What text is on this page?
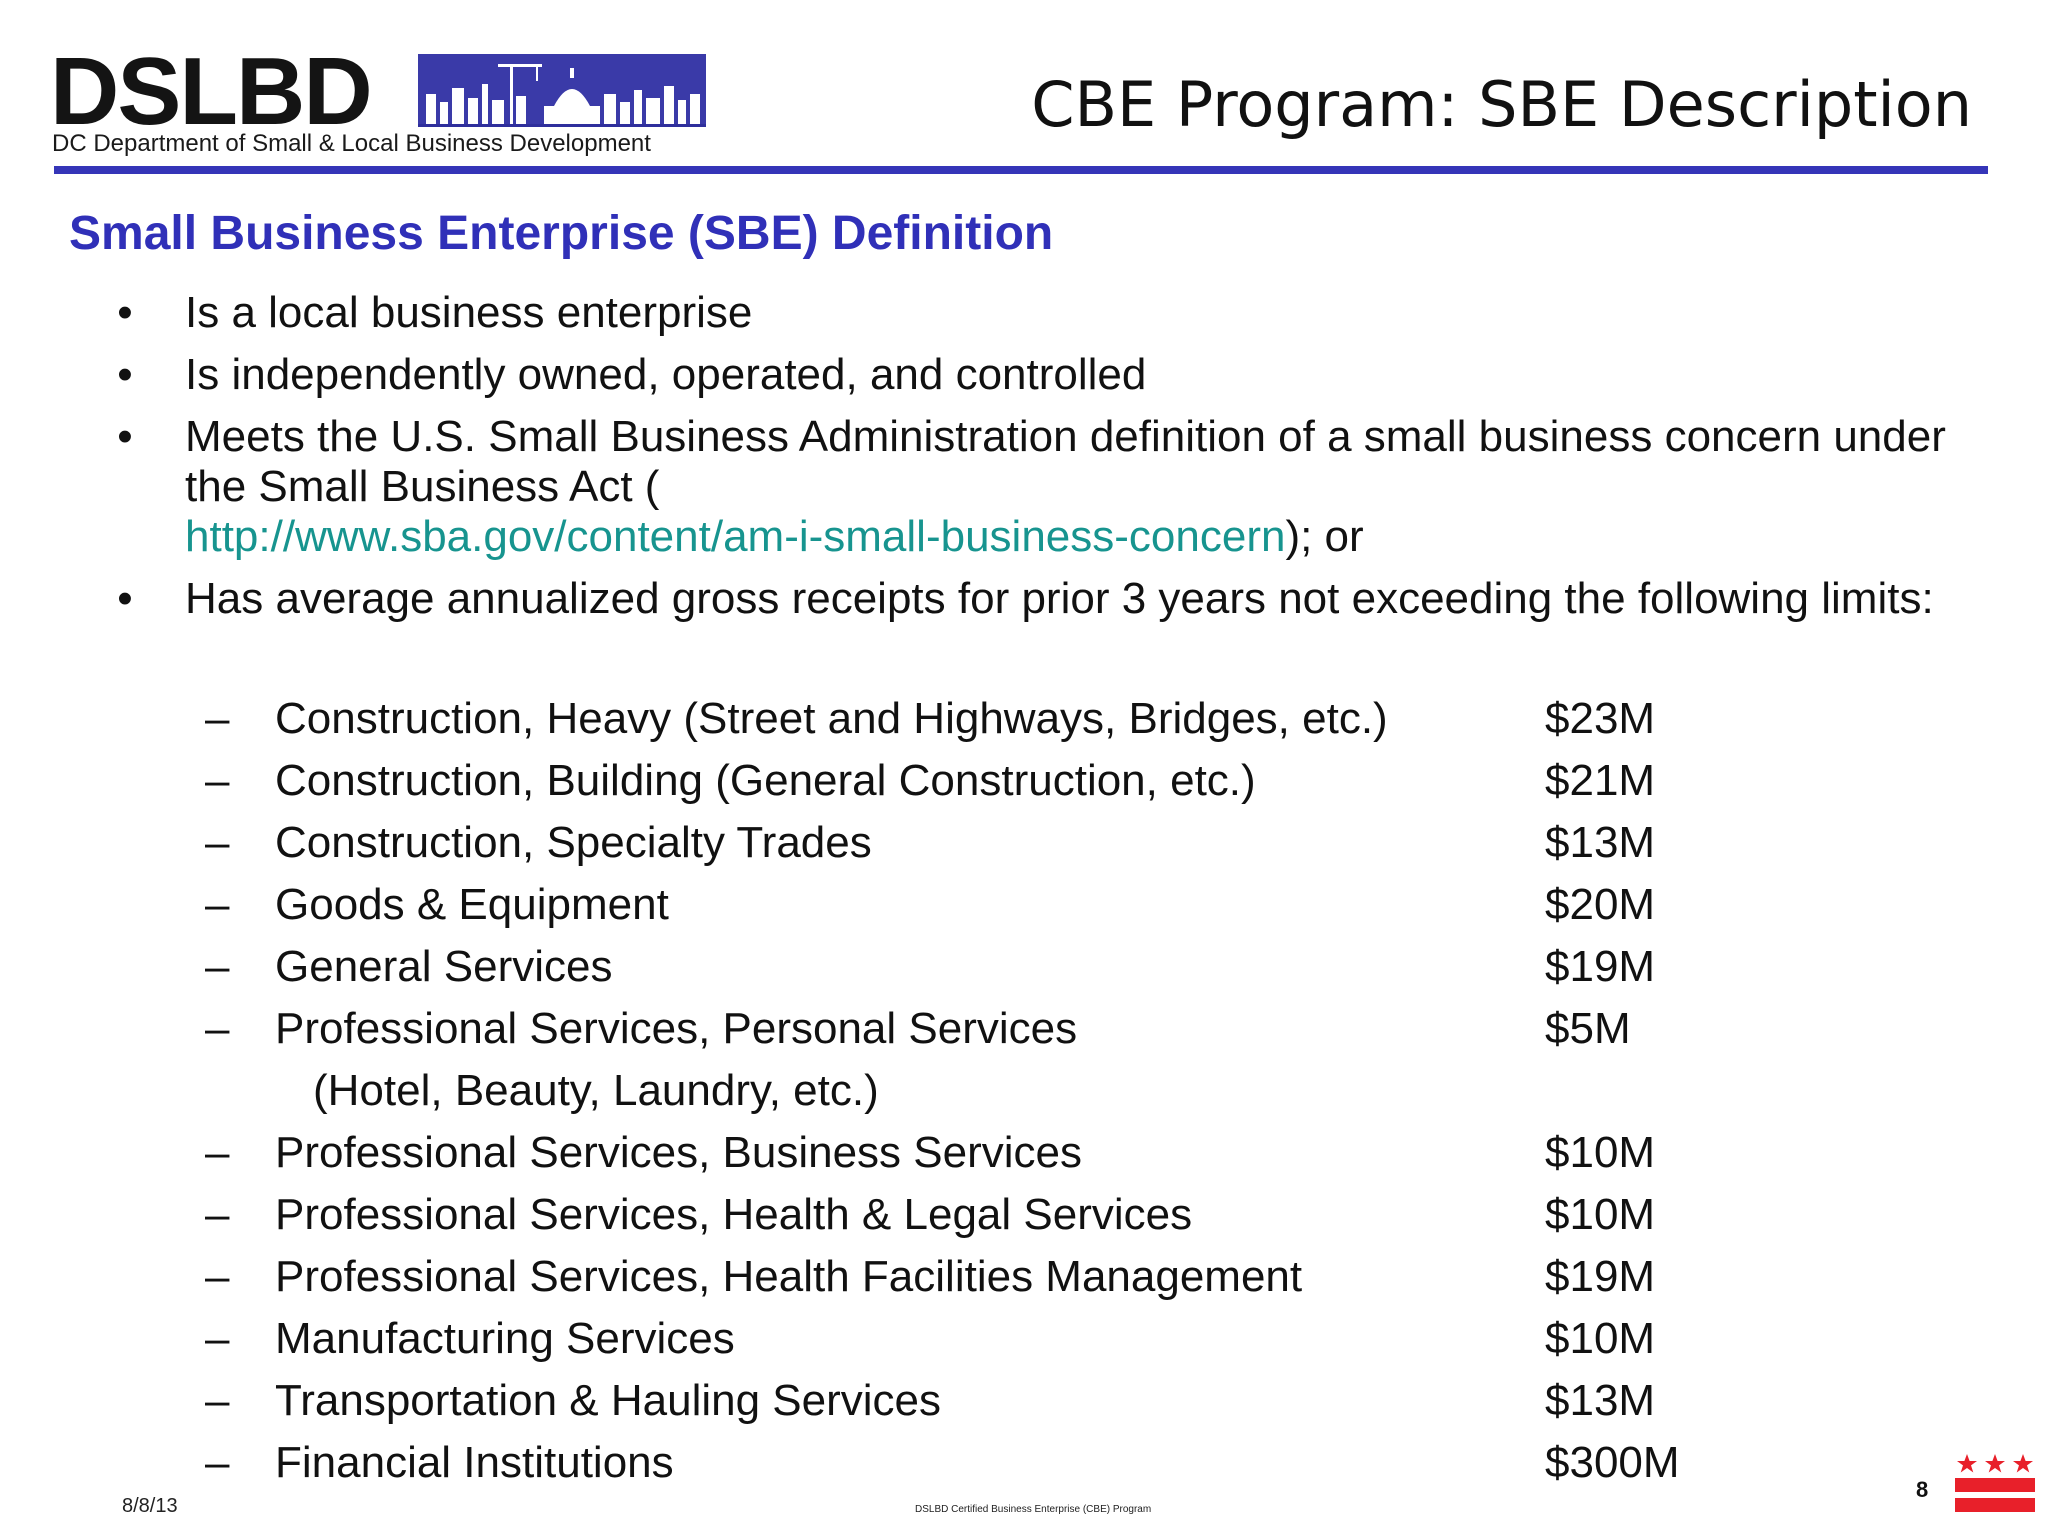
DSLBD
DC Department of Small & Local Business Development
CBE Program: SBE Description
Small Business Enterprise (SBE) Definition
• Is a local business enterprise
• Is independently owned, operated, and controlled
• Meets the U.S. Small Business Administration definition of a small business concern under the Small Business Act (
http://www.sba.gov/content/am-i-small-business-concern); or
• Has average annualized gross receipts for prior 3 years not exceeding the following limits:
–	Construction, Heavy (Street and Highways, Bridges, etc.)	$23M
–	Construction, Building (General Construction, etc.)	$21M
–	Construction, Specialty Trades	$13M
–	Goods & Equipment	$20M
–	General Services	$19M
–	Professional Services, Personal Services	$5M
(Hotel, Beauty, Laundry, etc.)
–	Professional Services, Business Services	$10M
–	Professional Services, Health & Legal Services	$10M
–	Professional Services, Health Facilities Management	$19M
–	Manufacturing Services	$10M
–	Transportation & Hauling Services	$13M
–	Financial Institutions	$300M
8/8/13	DSLBD Certified Business Enterprise (CBE) Program
8
